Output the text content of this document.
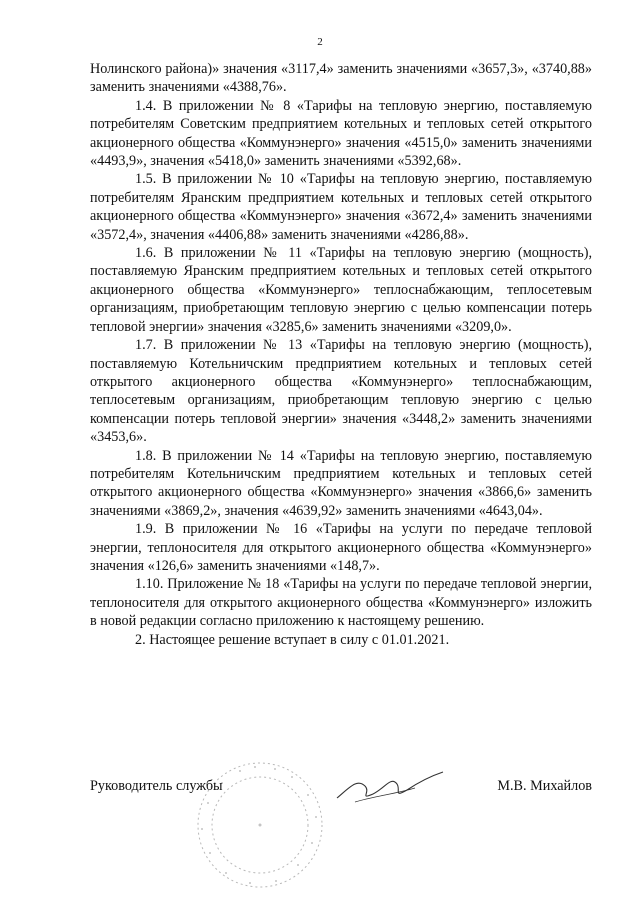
2

Нолинского района)» значения «3117,4» заменить значениями «3657,3», «3740,88» заменить значениями «4388,76».

1.4. В приложении № 8 «Тарифы на тепловую энергию, поставляемую потребителям Советским предприятием котельных и тепловых сетей открытого акционерного общества «Коммунэнерго» значения «4515,0» заменить значениями «4493,9», значения «5418,0» заменить значениями «5392,68».

1.5. В приложении № 10 «Тарифы на тепловую энергию, поставляемую потребителям Яранским предприятием котельных и тепловых сетей открытого акционерного общества «Коммунэнерго» значения «3672,4» заменить значениями «3572,4», значения «4406,88» заменить значениями «4286,88».

1.6. В приложении № 11 «Тарифы на тепловую энергию (мощность), поставляемую Яранским предприятием котельных и тепловых сетей открытого акционерного общества «Коммунэнерго» теплоснабжающим, теплосетевым организациям, приобретающим тепловую энергию с целью компенсации потерь тепловой энергии» значения «3285,6» заменить значениями «3209,0».

1.7. В приложении № 13 «Тарифы на тепловую энергию (мощность), поставляемую Котельничским предприятием котельных и тепловых сетей открытого акционерного общества «Коммунэнерго» теплоснабжающим, теплосетевым организациям, приобретающим тепловую энергию с целью компенсации потерь тепловой энергии» значения «3448,2» заменить значениями «3453,6».

1.8. В приложении № 14 «Тарифы на тепловую энергию, поставляемую потребителям Котельничским предприятием котельных и тепловых сетей открытого акционерного общества «Коммунэнерго» значения «3866,6» заменить значениями «3869,2», значения «4639,92» заменить значениями «4643,04».

1.9. В приложении № 16 «Тарифы на услуги по передаче тепловой энергии, теплоносителя для открытого акционерного общества «Коммунэнерго» значения «126,6» заменить значениями «148,7».

1.10. Приложение № 18 «Тарифы на услуги по передаче тепловой энергии, теплоносителя для открытого акционерного общества «Коммунэнерго» изложить в новой редакции согласно приложению к настоящему решению.

2. Настоящее решение вступает в силу с 01.01.2021.

Руководитель службы	М.В. Михайлов
